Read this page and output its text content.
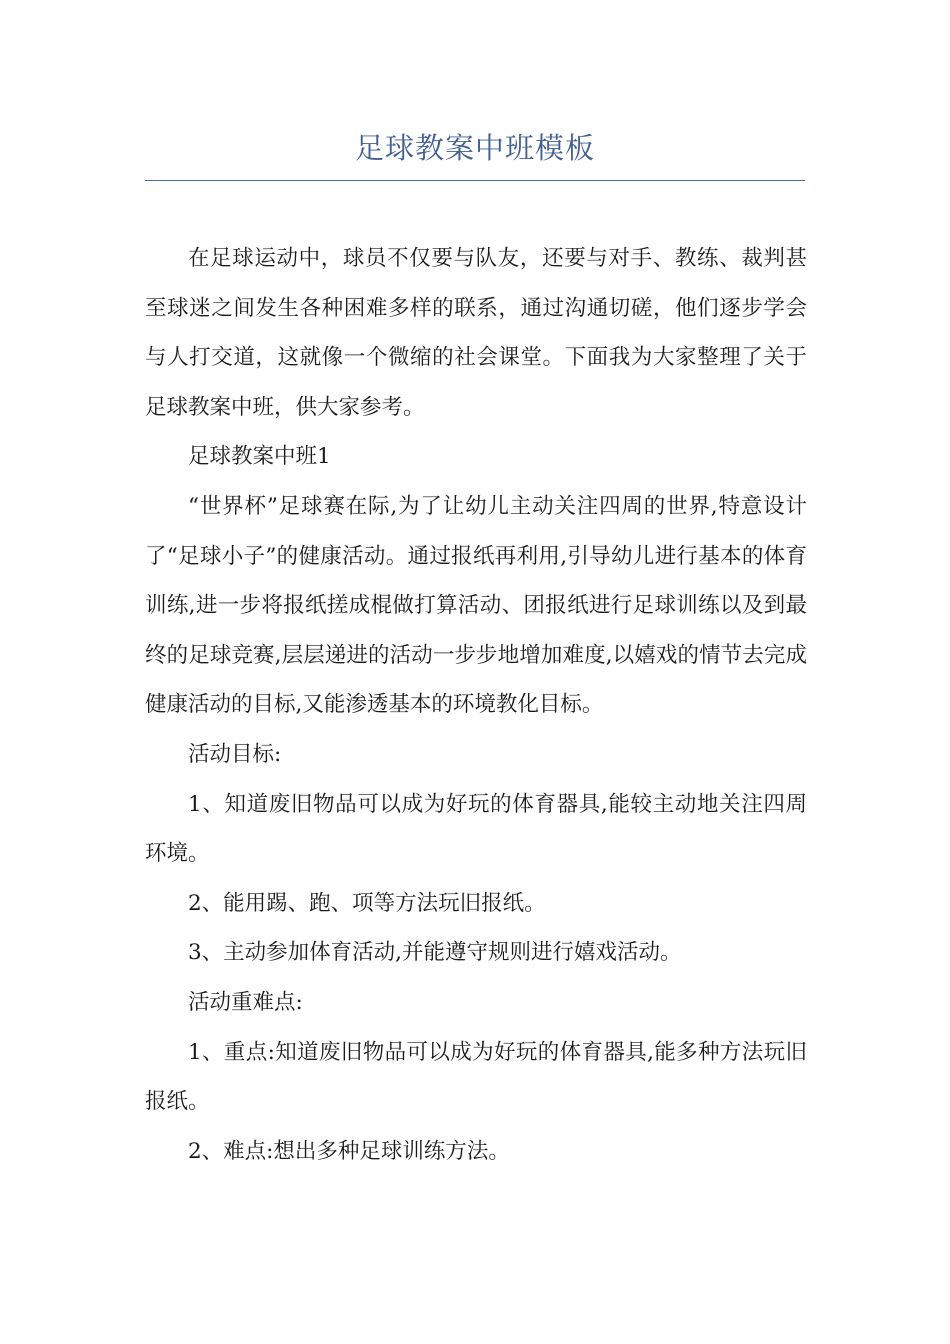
足球教案中班模板

在足球运动中，球员不仅要与队友，还要与对手、教练、裁判甚至球迷之间发生各种困难多样的联系，通过沟通切磋，他们逐步学会与人打交道，这就像一个微缩的社会课堂。下面我为大家整理了关于足球教案中班，供大家参考。

足球教案中班1

“世界杯”足球赛在际,为了让幼儿主动关注四周的世界,特意设计了“足球小子”的健康活动。通过报纸再利用,引导幼儿进行基本的体育训练,进一步将报纸搓成棍做打算活动、团报纸进行足球训练以及到最终的足球竞赛,层层递进的活动一步步地增加难度,以嬉戏的情节去完成健康活动的目标,又能渗透基本的环境教化目标。

活动目标:

1、知道废旧物品可以成为好玩的体育器具,能较主动地关注四周环境。

2、能用踢、跑、项等方法玩旧报纸。

3、主动参加体育活动,并能遵守规则进行嬉戏活动。

活动重难点:

1、重点:知道废旧物品可以成为好玩的体育器具,能多种方法玩旧报纸。

2、难点:想出多种足球训练方法。
